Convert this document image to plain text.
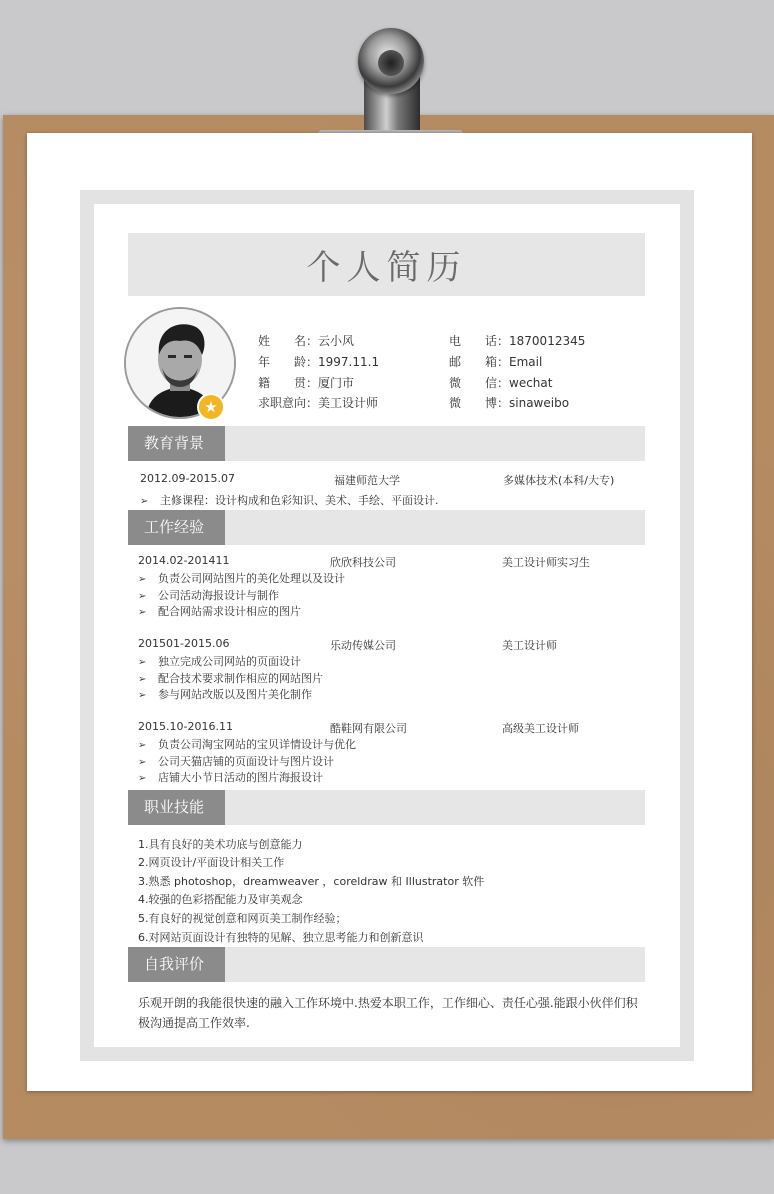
个人简历
★
姓　　名：云小风
年　　龄：1997.11.1
籍　　贯：厦门市
求职意向：美工设计师
电　　话：1870012345
邮　　箱：Email
微　　信：wechat
微　　博：sinaweibo
教育背景
2012.09-2015.07	福建师范大学	多媒体技术(本科/大专)
➢ 主修课程：设计构成和色彩知识、美术、手绘、平面设计.
工作经验
2014.02-201411	欣欣科技公司	美工设计师实习生
➢ 负责公司网站图片的美化处理以及设计
➢ 公司活动海报设计与制作
➢ 配合网站需求设计相应的图片
201501-2015.06	乐动传媒公司	美工设计师
➢ 独立完成公司网站的页面设计
➢ 配合技术要求制作相应的网站图片
➢ 参与网站改版以及图片美化制作
2015.10-2016.11	酷鞋网有限公司	高级美工设计师
➢ 负责公司淘宝网站的宝贝详情设计与优化
➢ 公司天猫店铺的页面设计与图片设计
➢ 店铺大小节日活动的图片海报设计
职业技能
1.具有良好的美术功底与创意能力
2.网页设计/平面设计相关工作
3.熟悉 photoshop，dreamweaver ，coreldraw 和 Illustrator 软件
4.较强的色彩搭配能力及审美观念
5.有良好的视觉创意和网页美工制作经验；
6.对网站页面设计有独特的见解、独立思考能力和创新意识
自我评价
乐观开朗的我能很快速的融入工作环境中.热爱本职工作，工作细心、责任心强.能跟小伙伴们积极沟通提高工作效率.
